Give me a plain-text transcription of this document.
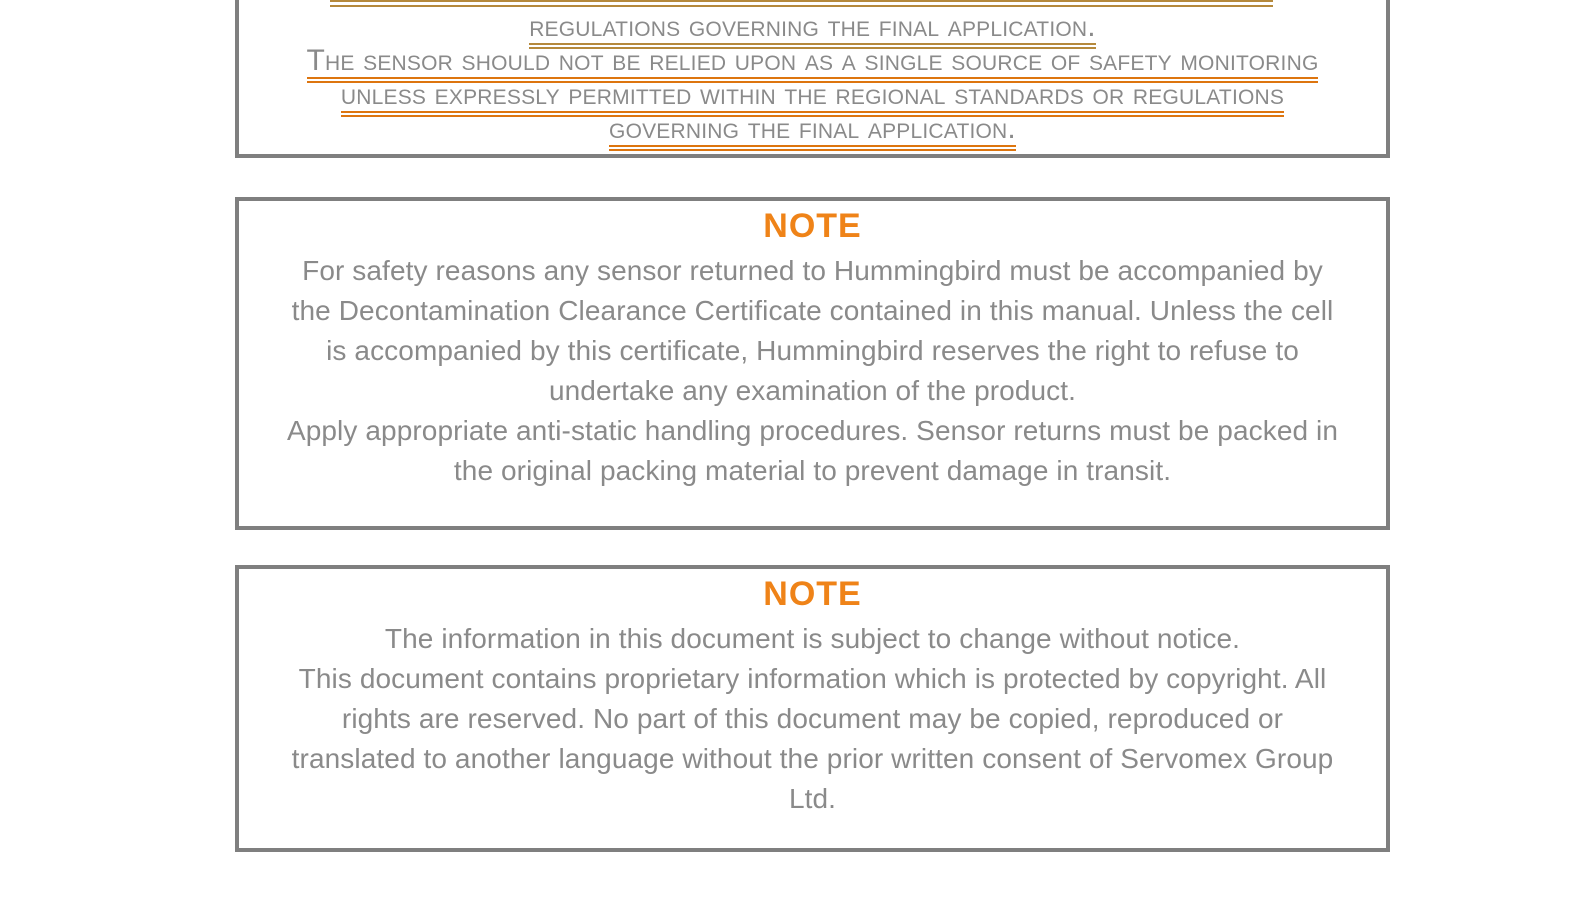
regulations governing the final application.
The sensor should not be relied upon as a single source of safety monitoring
unless expressly permitted within the regional standards or regulations
governing the final application.
NOTE
For safety reasons any sensor returned to Hummingbird must be accompanied by
the Decontamination Clearance Certificate contained in this manual. Unless the cell
is accompanied by this certificate, Hummingbird reserves the right to refuse to
undertake any examination of the product.
Apply appropriate anti-static handling procedures. Sensor returns must be packed in
the original packing material to prevent damage in transit.
NOTE
The information in this document is subject to change without notice.
This document contains proprietary information which is protected by copyright. All
rights are reserved. No part of this document may be copied, reproduced or
translated to another language without the prior written consent of Servomex Group
Ltd.
